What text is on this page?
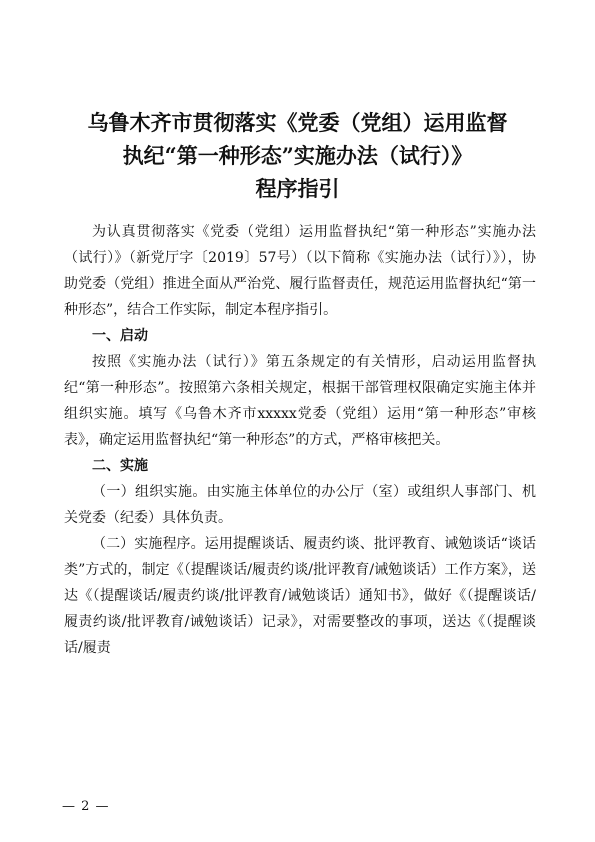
乌鲁木齐市贯彻落实《党委（党组）运用监督
执纪“第一种形态”实施办法（试行）》
程序指引

为认真贯彻落实《党委（党组）运用监督执纪“第一种形态”实施办法（试行）》（新党厅字〔2019〕57号）（以下简称《实施办法（试行）》），协助党委（党组）推进全面从严治党、履行监督责任，规范运用监督执纪“第一种形态”，结合工作实际，制定本程序指引。

一、启动

按照《实施办法（试行）》第五条规定的有关情形，启动运用监督执纪“第一种形态”。按照第六条相关规定，根据干部管理权限确定实施主体并组织实施。填写《乌鲁木齐市xxxxx党委（党组）运用“第一种形态”审核表》，确定运用监督执纪“第一种形态”的方式，严格审核把关。

二、实施

（一）组织实施。由实施主体单位的办公厅（室）或组织人事部门、机关党委（纪委）具体负责。

（二）实施程序。运用提醒谈话、履责约谈、批评教育、诫勉谈话“谈话类”方式的，制定《（提醒谈话/履责约谈/批评教育/诫勉谈话）工作方案》，送达《（提醒谈话/履责约谈/批评教育/诫勉谈话）通知书》，做好《（提醒谈话/履责约谈/批评教育/诫勉谈话）记录》，对需要整改的事项，送达《（提醒谈话/履责

— 2 —
